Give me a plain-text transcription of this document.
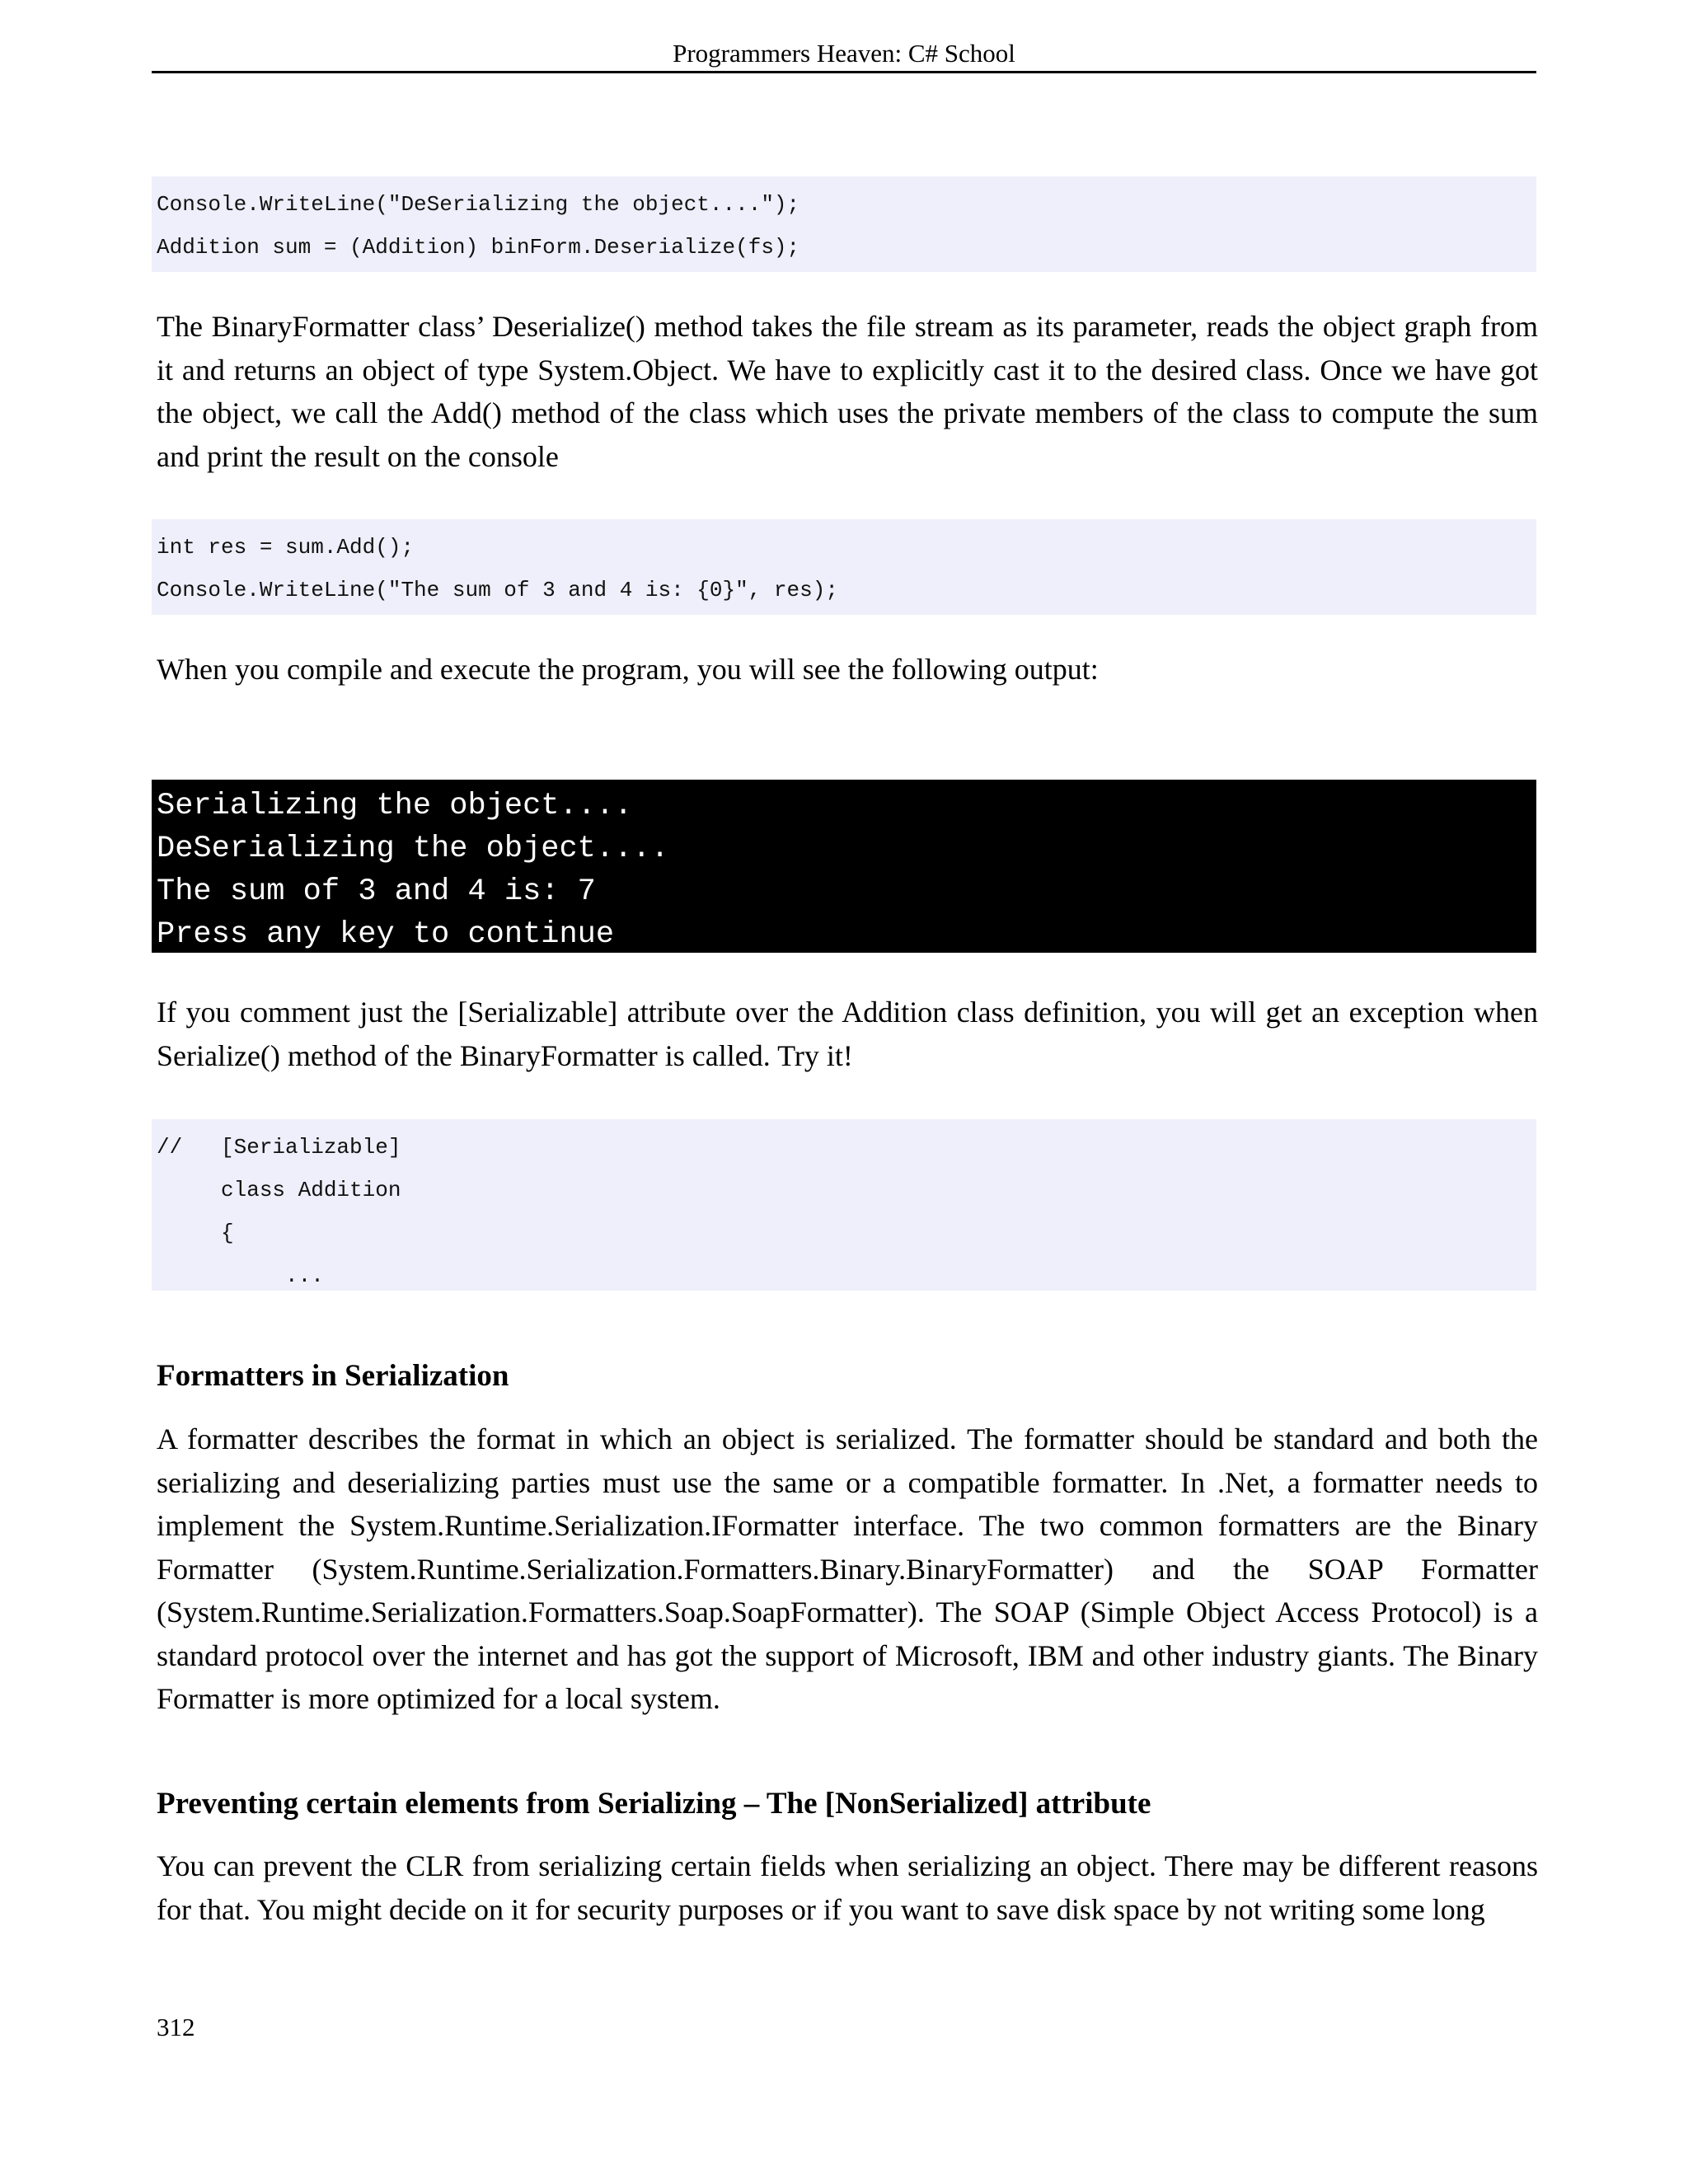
Programmers Heaven: C# School
Console.WriteLine("DeSerializing the object....");
Addition sum = (Addition) binForm.Deserialize(fs);
The BinaryFormatter class’ Deserialize() method takes the file stream as its parameter, reads the object graph from it and returns an object of type System.Object. We have to explicitly cast it to the desired class. Once we have got the object, we call the Add() method of the class which uses the private members of the class to compute the sum and print the result on the console
int res = sum.Add();
Console.WriteLine("The sum of 3 and 4 is: {0}", res);
When you compile and execute the program, you will see the following output:
Serializing the object....
DeSerializing the object....
The sum of 3 and 4 is: 7
Press any key to continue
If you comment just the [Serializable] attribute over the Addition class definition, you will get an exception when Serialize() method of the BinaryFormatter is called. Try it!
//   [Serializable]
class Addition
{
...
Formatters in Serialization
A formatter describes the format in which an object is serialized. The formatter should be standard and both the serializing and deserializing parties must use the same or a compatible formatter. In .Net, a formatter needs to implement the System.Runtime.Serialization.IFormatter interface. The two common formatters are the Binary Formatter (System.Runtime.Serialization.Formatters.Binary.BinaryFormatter) and the SOAP Formatter (System.Runtime.Serialization.Formatters.Soap.SoapFormatter). The SOAP (Simple Object Access Protocol) is a standard protocol over the internet and has got the support of Microsoft, IBM and other industry giants. The Binary Formatter is more optimized for a local system.
Preventing certain elements from Serializing – The [NonSerialized] attribute
You can prevent the CLR from serializing certain fields when serializing an object. There may be different reasons for that. You might decide on it for security purposes or if you want to save disk space by not writing some long
312
